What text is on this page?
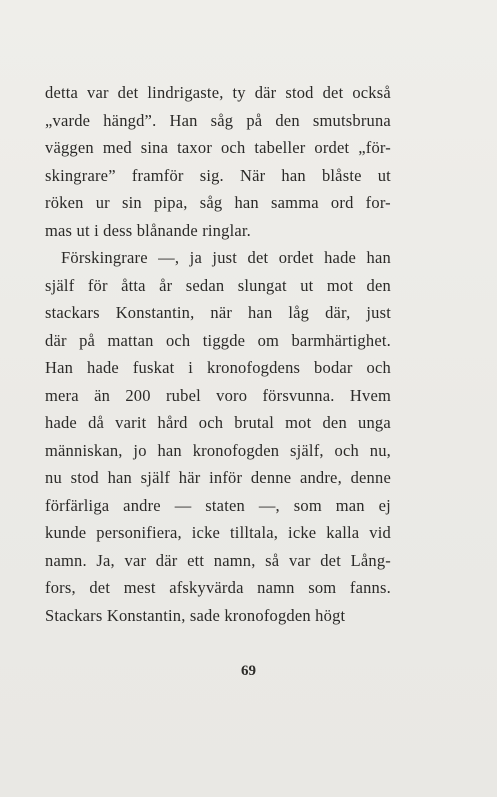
detta var det lindrigaste, ty där stod det också
„varde hängd”. Han såg på den smutsbruna
väggen med sina taxor och tabeller ordet „för-
skingrare” framför sig. När han blåste ut
röken ur sin pipa, såg han samma ord for-
mas ut i dess blånande ringlar.
Förskingrare —, ja just det ordet hade han
själf för åtta år sedan slungat ut mot den
stackars Konstantin, när han låg där, just
där på mattan och tiggde om barmhärtighet.
Han hade fuskat i kronofogdens bodar och
mera än 200 rubel voro försvunna. Hvem
hade då varit hård och brutal mot den unga
människan, jo han kronofogden själf, och nu,
nu stod han själf här inför denne andre, denne
förfärliga andre — staten —, som man ej
kunde personifiera, icke tilltala, icke kalla vid
namn. Ja, var där ett namn, så var det Lång-
fors, det mest afskyvärda namn som fanns.
Stackars Konstantin, sade kronofogden högt
69
